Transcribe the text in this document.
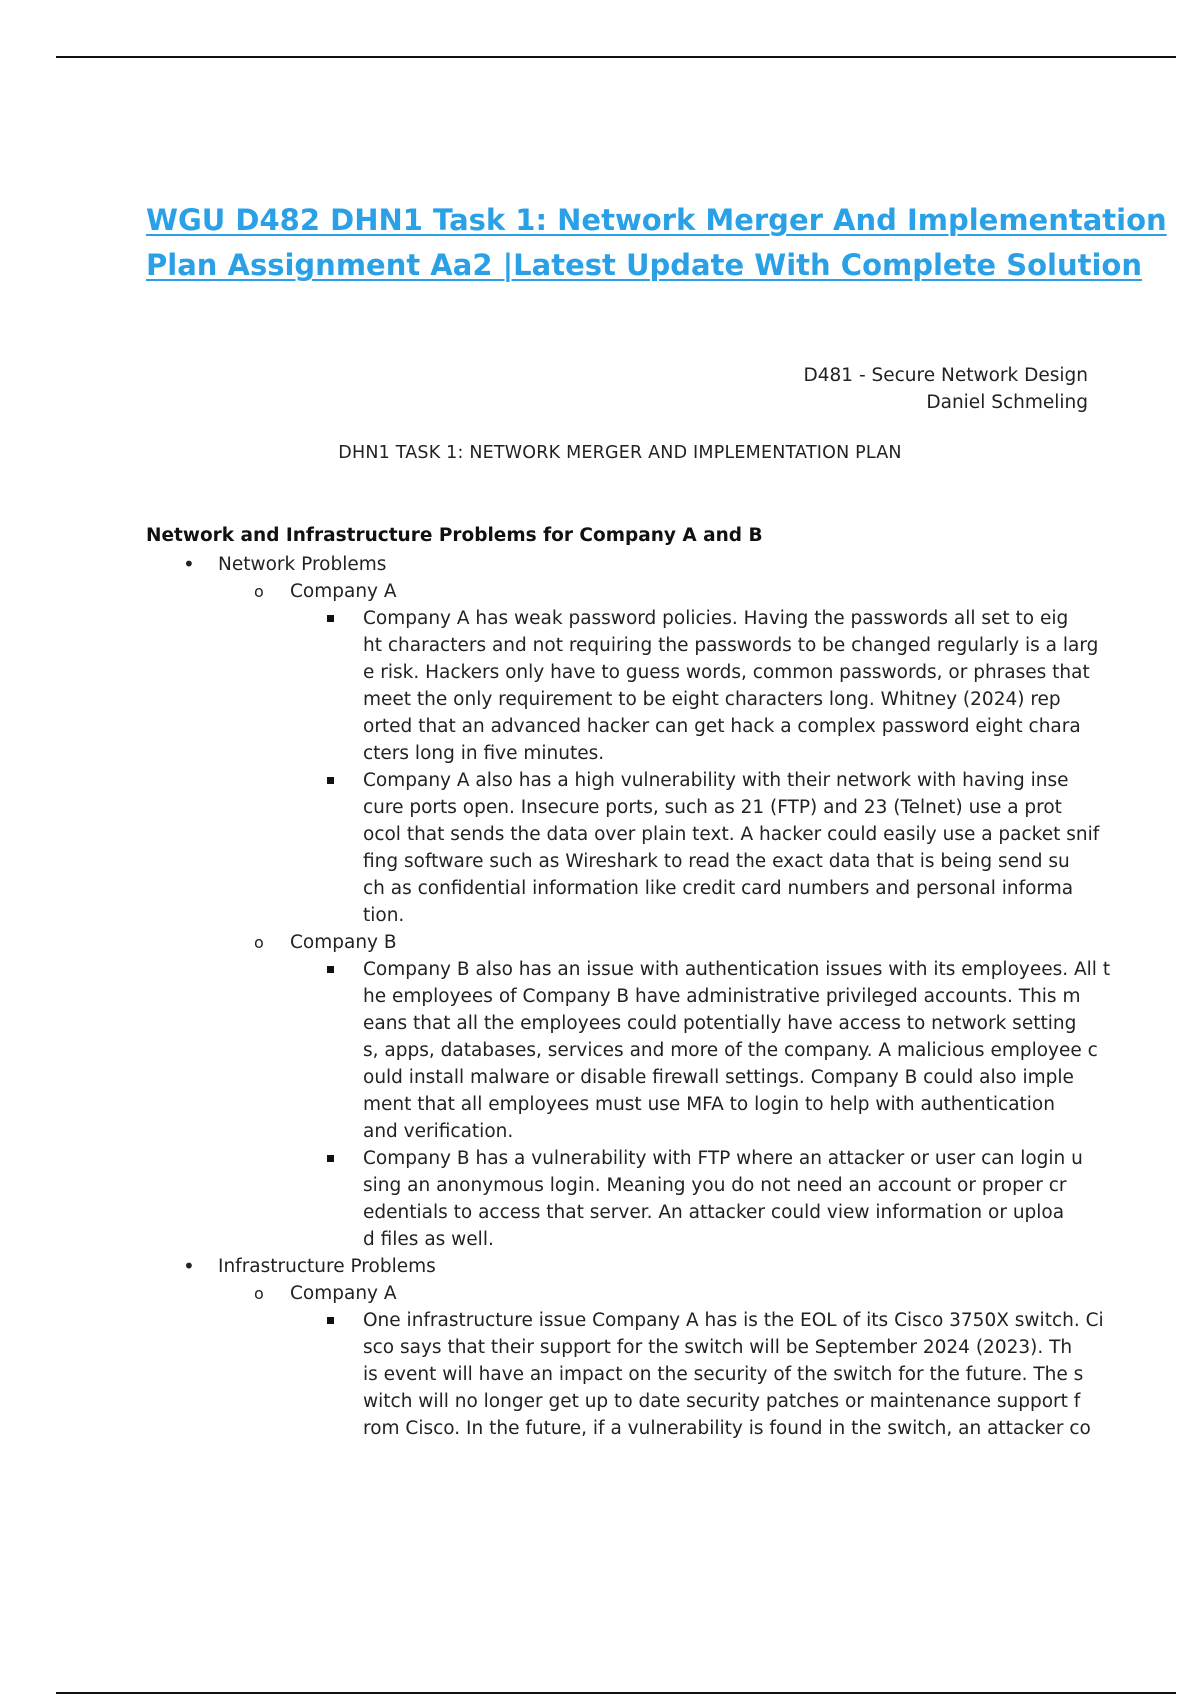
WGU D482 DHN1 Task 1: Network Merger And Implementation
Plan Assignment Aa2 |Latest Update With Complete Solution
D481 - Secure Network Design
Daniel Schmeling
DHN1 TASK 1: NETWORK MERGER AND IMPLEMENTATION PLAN
Network and Infrastructure Problems for Company A and B
• Network Problems
o Company A
Company A has weak password policies. Having the passwords all set to eig
ht characters and not requiring the passwords to be changed regularly is a larg
e risk. Hackers only have to guess words, common passwords, or phrases that
meet the only requirement to be eight characters long. Whitney (2024) rep
orted that an advanced hacker can get hack a complex password eight chara
cters long in five minutes.
Company A also has a high vulnerability with their network with having inse
cure ports open. Insecure ports, such as 21 (FTP) and 23 (Telnet) use a prot
ocol that sends the data over plain text. A hacker could easily use a packet snif
fing software such as Wireshark to read the exact data that is being send su
ch as confidential information like credit card numbers and personal informa
tion.
o Company B
Company B also has an issue with authentication issues with its employees. All t
he employees of Company B have administrative privileged accounts. This m
eans that all the employees could potentially have access to network setting
s, apps, databases, services and more of the company. A malicious employee c
ould install malware or disable firewall settings. Company B could also imple
ment that all employees must use MFA to login to help with authentication
and verification.
Company B has a vulnerability with FTP where an attacker or user can login u
sing an anonymous login. Meaning you do not need an account or proper cr
edentials to access that server. An attacker could view information or uploa
d files as well.
• Infrastructure Problems
o Company A
One infrastructure issue Company A has is the EOL of its Cisco 3750X switch. Ci
sco says that their support for the switch will be September 2024 (2023). Th
is event will have an impact on the security of the switch for the future. The s
witch will no longer get up to date security patches or maintenance support f
rom Cisco. In the future, if a vulnerability is found in the switch, an attacker co
